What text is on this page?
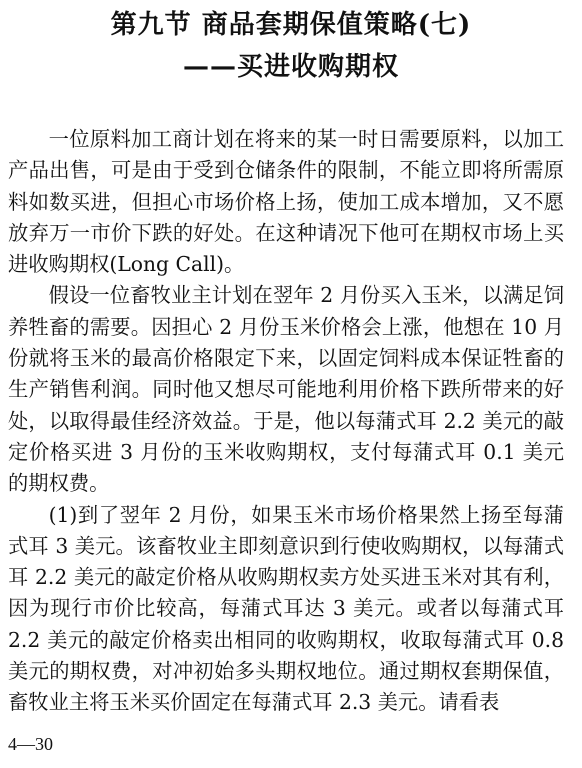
第九节 商品套期保值策略(七)
——买进收购期权

一位原料加工商计划在将来的某一时日需要原料，以加工产品出售，可是由于受到仓储条件的限制，不能立即将所需原料如数买进，但担心市场价格上扬，使加工成本增加，又不愿放弃万一市价下跌的好处。在这种请况下他可在期权市场上买进收购期权(Long Call)。

假设一位畜牧业主计划在翌年 2 月份买入玉米，以满足饲养牲畜的需要。因担心 2 月份玉米价格会上涨，他想在 10 月份就将玉米的最高价格限定下来，以固定饲料成本保证牲畜的生产销售利润。同时他又想尽可能地利用价格下跌所带来的好处，以取得最佳经济效益。于是，他以每蒲式耳 2.2 美元的敲定价格买进 3 月份的玉米收购期权，支付每蒲式耳 0.1 美元的期权费。

(1)到了翌年 2 月份，如果玉米市场价格果然上扬至每蒲式耳 3 美元。该畜牧业主即刻意识到行使收购期权，以每蒲式耳 2.2 美元的敲定价格从收购期权卖方处买进玉米对其有利，因为现行市价比较高，每蒲式耳达 3 美元。或者以每蒲式耳 2.2 美元的敲定价格卖出相同的收购期权，收取每蒲式耳 0.8 美元的期权费，对冲初始多头期权地位。通过期权套期保值，畜牧业主将玉米买价固定在每蒲式耳 2.3 美元。请看表

4—30
